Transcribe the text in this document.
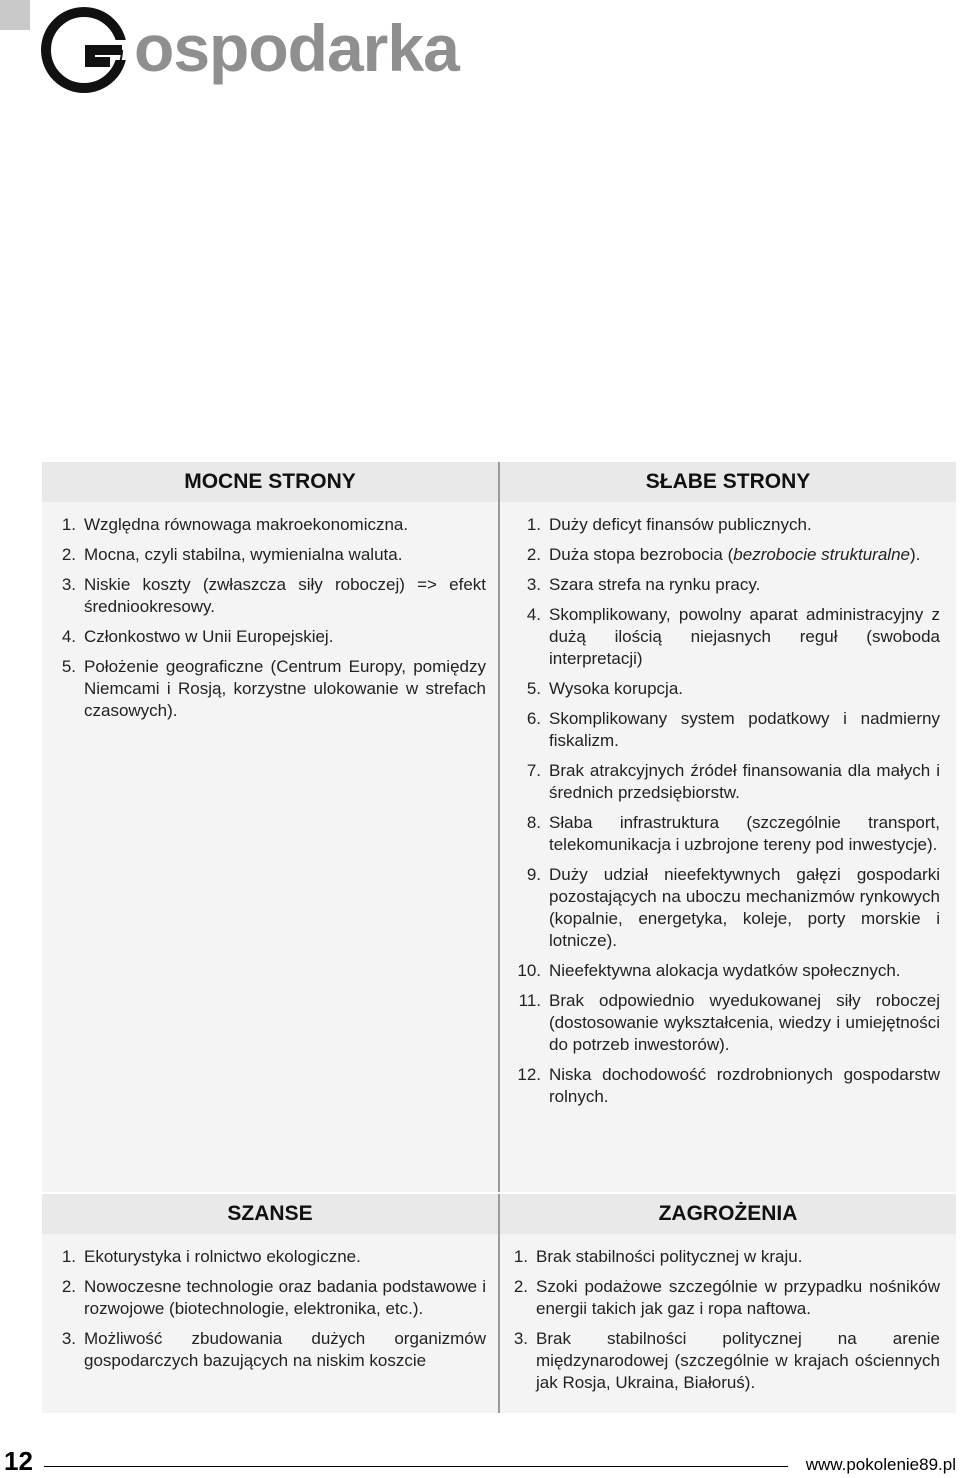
ospodarka
MOCNE STRONY
1. Względna równowaga makroekonomiczna.
2. Mocna, czyli stabilna, wymienialna waluta.
3. Niskie koszty (zwłaszcza siły roboczej) => efekt średniookresowy.
4. Członkostwo w Unii Europejskiej.
5. Położenie geograficzne (Centrum Europy, pomiędzy Niemcami i Rosją, korzystne ulokowanie w strefach czasowych).
SŁABE STRONY
1. Duży deficyt finansów publicznych.
2. Duża stopa bezrobocia (bezrobocie strukturalne).
3. Szara strefa na rynku pracy.
4. Skomplikowany, powolny aparat administracyjny z dużą ilością niejasnych reguł (swoboda interpretacji)
5. Wysoka korupcja.
6. Skomplikowany system podatkowy i nadmierny fiskalizm.
7. Brak atrakcyjnych źródeł finansowania dla małych i średnich przedsiębiorstw.
8. Słaba infrastruktura (szczególnie transport, telekomunikacja i uzbrojone tereny pod inwestycje).
9. Duży udział nieefektywnych gałęzi gospodarki pozostających na uboczu mechanizmów rynkowych (kopalnie, energetyka, koleje, porty morskie i lotnicze).
10. Nieefektywna alokacja wydatków społecznych.
11. Brak odpowiednio wyedukowanej siły roboczej (dostosowanie wykształcenia, wiedzy i umiejętności do potrzeb inwestorów).
12. Niska dochodowość rozdrobnionych gospodarstw rolnych.
SZANSE
1. Ekoturystyka i rolnictwo ekologiczne.
2. Nowoczesne technologie oraz badania podstawowe i rozwojowe (biotechnologie, elektronika, etc.).
3. Możliwość zbudowania dużych organizmów gospodarczych bazujących na niskim koszcie
ZAGROŻENIA
1. Brak stabilności politycznej w kraju.
2. Szoki podażowe szczególnie w przypadku nośników energii takich jak gaz i ropa naftowa.
3. Brak stabilności politycznej na arenie międzynarodowej (szczególnie w krajach ościennych jak Rosja, Ukraina, Białoruś).
12	www.pokolenie89.pl
